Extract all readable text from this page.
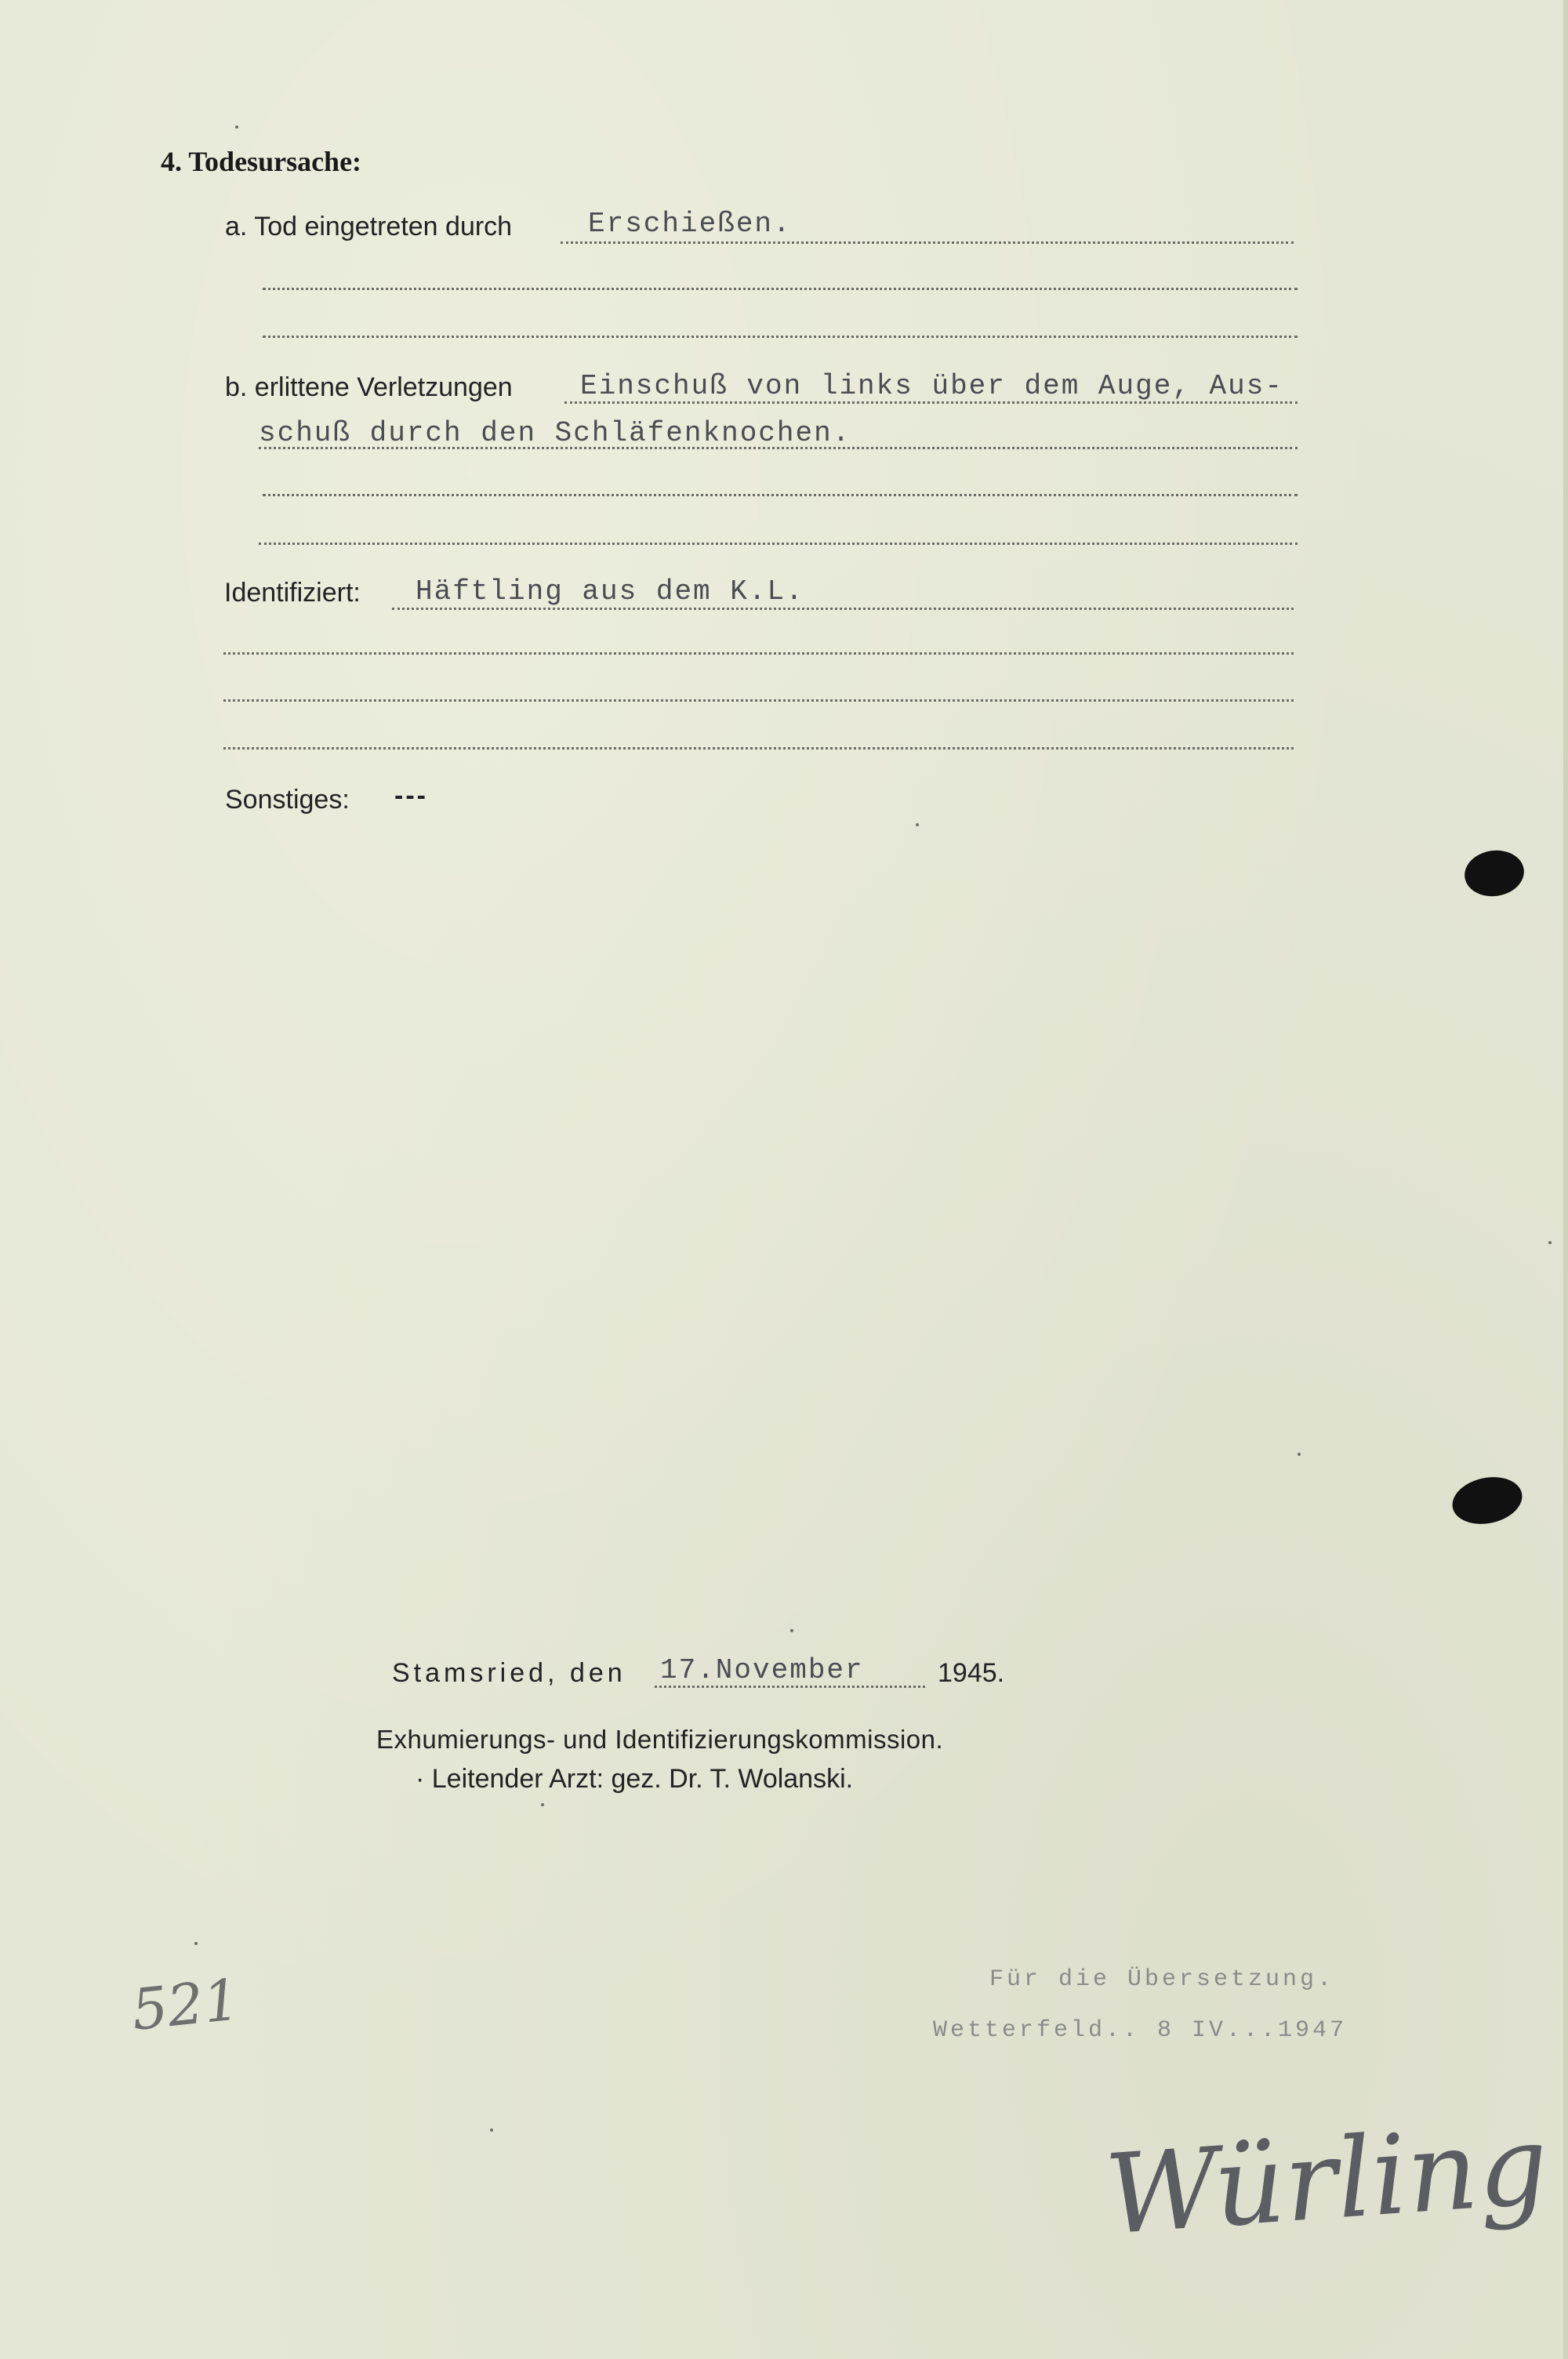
4. Todesursache:
a. Tod eingetreten durch	Erschießen.
b. erlittene Verletzungen Einschuß von links über dem Auge, Aus-
schuß durch den Schläfenknochen.
Identifiziert: Häftling aus dem K.L.
Sonstiges: ---
Stamsried, den 17.November	1945.
Exhumierungs- und Identifizierungskommission.
· Leitender Arzt: gez. Dr. T. Wolanski.
521	Für die Übersetzung.
Wetterfeld.. 8 IV...1947
Würling
